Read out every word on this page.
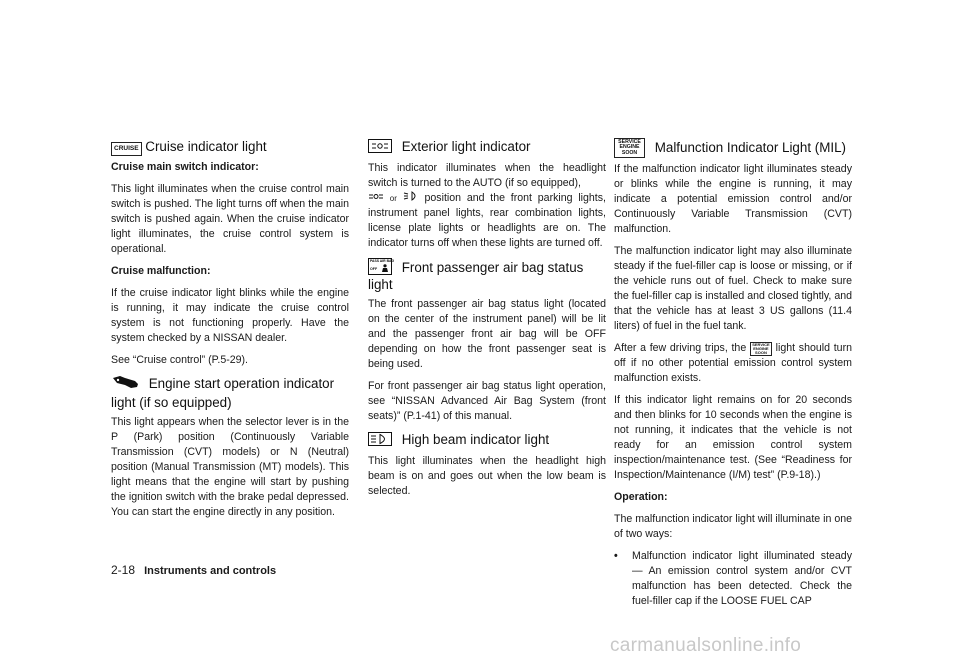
CRUISE Cruise indicator light

Cruise main switch indicator:

This light illuminates when the cruise control main switch is pushed. The light turns off when the main switch is pushed again. When the cruise indicator light illuminates, the cruise control system is operational.

Cruise malfunction:

If the cruise indicator light blinks while the engine is running, it may indicate the cruise control system is not functioning properly. Have the system checked by a NISSAN dealer.

See “Cruise control” (P.5-29).

Engine start operation indicator light (if so equipped)

This light appears when the selector lever is in the P (Park) position (Continuously Variable Transmission (CVT) models) or N (Neutral) position (Manual Transmission (MT) models). This light means that the engine will start by pushing the ignition switch with the brake pedal depressed. You can start the engine directly in any position.

Exterior light indicator

This indicator illuminates when the headlight switch is turned to the AUTO (if so equipped),
or	position and the front parking lights, instrument panel lights, rear combination lights, license plate lights or headlights are on. The indicator turns off when these lights are turned off.

PASS AIR BAG
OFF Front passenger air bag status light

The front passenger air bag status light (located on the center of the instrument panel) will be lit and the passenger front air bag will be OFF depending on how the front passenger seat is being used.

For front passenger air bag status light operation, see “NISSAN Advanced Air Bag System (front seats)” (P.1-41) of this manual.

High beam indicator light

This light illuminates when the headlight high beam is on and goes out when the low beam is selected.

SERVICE ENGINE SOON Malfunction Indicator Light (MIL)

If the malfunction indicator light illuminates steady or blinks while the engine is running, it may indicate a potential emission control and/or Continuously Variable Transmission (CVT) malfunction.

The malfunction indicator light may also illuminate steady if the fuel-filler cap is loose or missing, or if the vehicle runs out of fuel. Check to make sure the fuel-filler cap is installed and closed tightly, and that the vehicle has at least 3 US gallons (11.4 liters) of fuel in the fuel tank.

After a few driving trips, the SERVICE ENGINE SOON light should turn off if no other potential emission control system malfunction exists.

If this indicator light remains on for 20 seconds and then blinks for 10 seconds when the engine is not running, it indicates that the vehicle is not ready for an emission control system inspection/maintenance test. (See “Readiness for Inspection/Maintenance (I/M) test” (P.9-18).)

Operation:

The malfunction indicator light will illuminate in one of two ways:

•	Malfunction indicator light illuminated steady — An emission control system and/or CVT malfunction has been detected. Check the fuel-filler cap if the LOOSE FUEL CAP
2-18 Instruments and controls
carmanualsonline.info
